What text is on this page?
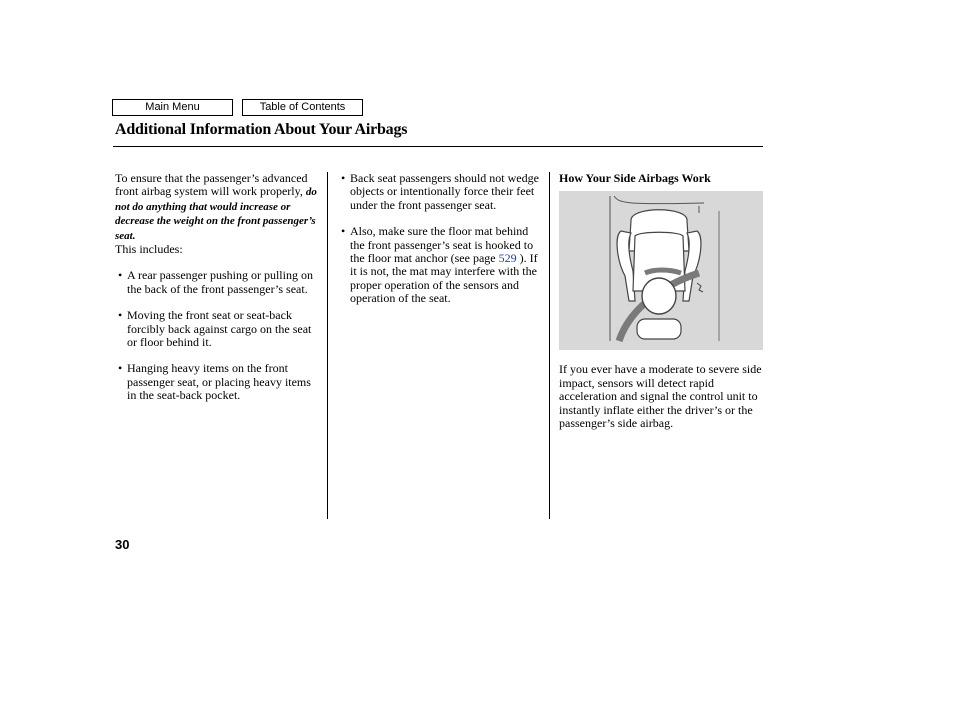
Main Menu	Table of Contents
Additional Information About Your Airbags

To ensure that the passenger’s advanced front airbag system will work properly, do not do anything that would increase or decrease the weight on the front passenger’s seat.

This includes:

• A rear passenger pushing or pulling on the back of the front passenger’s seat.

• Moving the front seat or seat-back forcibly back against cargo on the seat or floor behind it.

• Hanging heavy items on the front passenger seat, or placing heavy items in the seat-back pocket.

• Back seat passengers should not wedge objects or intentionally force their feet under the front passenger seat.

• Also, make sure the floor mat behind the front passenger’s seat is hooked to the floor mat anchor (see page 529 ). If it is not, the mat may interfere with the proper operation of the sensors and operation of the seat.

How Your Side Airbags Work

If you ever have a moderate to severe side impact, sensors will detect rapid acceleration and signal the control unit to instantly inflate either the driver’s or the passenger’s side airbag.

30
